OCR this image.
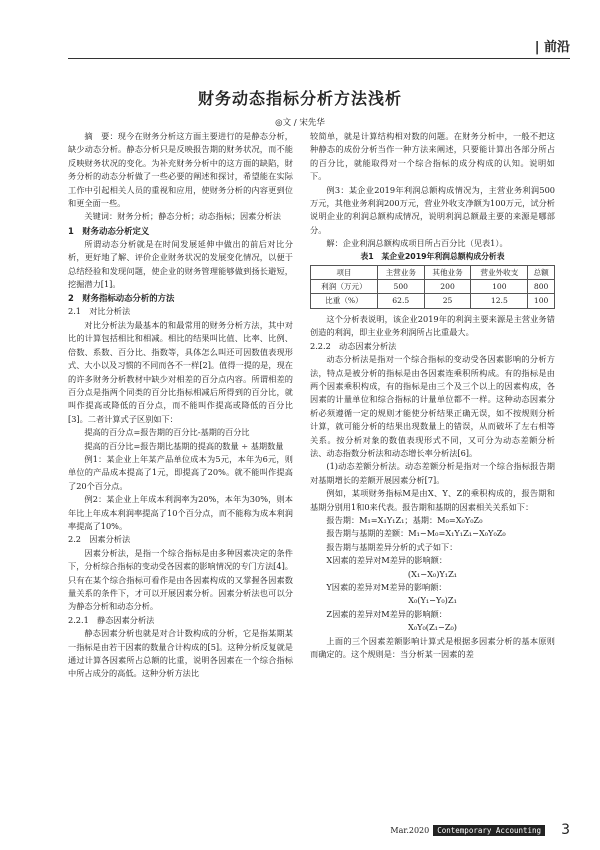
| 前沿
财务动态指标分析方法浅析
◎文 / 宋先华

摘　要：现今在财务分析这方面主要进行的是静态分析，缺少动态分析。静态分析只是反映报告期的财务状况，而不能反映财务状况的变化。为补充财务分析中的这方面的缺陷，財务分析的动态分析做了一些必要的阐述和探讨，希望能在实际工作中引起相关人员的重视和应用，使财务分析的内容更到位和更全面一些。

关键词：财务分析；静态分析；动态指标；因素分析法

1　财务动态分析定义

所谓动态分析就是在时间发展延伸中做出的前后对比分析，更好地了解、评价企业财务状况的发展变化情况，以便于总结经验和发现问题，使企业的财务管理能够做到扬长避短，挖掘潜力[1]。

2　财务指标动态分析的方法
2.1　对比分析法

对比分析法为最基本的和最常用的财务分析方法，其中对比的计算包括相比和相减。相比的结果叫比值、比率、比例、倍数、系数、百分比、指数等，具体怎么叫还可因数值表现形式、大小以及习惯的不同而各不一样[2]。值得一提的是，现在的许多财务分析教材中缺少对相差的百分点内容。所谓相差的百分点是指两个同类的百分比指标相减后所得到的百分比，就叫作提高或降低的百分点，而不能叫作提高或降低的百分比[3]。二者计算式子区别如下：

提高的百分点=报告期的百分比-基期的百分比

提高的百分比=报告期比基期的提高的数量 ÷ 基期数量

例1：某企业上年某产品单位成本为5元，本年为6元，则单位的产品成本提高了1元，即提高了20%。就不能叫作提高了20个百分点。

例2：某企业上年成本利润率为20%，本年为30%，则本年比上年成本利润率提高了10个百分点，而不能称为成本利润率提高了10%。

2.2　因素分析法

因素分析法，是指一个综合指标是由多种因素决定的条件下，分析综合指标的变动受各因素的影响情况的专门方法[4]。只有在某个综合指标可看作是由各因素构成的又掌握各因素数量关系的条件下，才可以开展因素分析。因素分析法也可以分为静态分析和动态分析。

2.2.1　静态因素分析法

静态因素分析也就是对合计数构成的分析，它是指某期某一指标是由若干因素的数量合计构成的[5]。这种分析反复就是通过计算各因素所占总额的比重，说明各因素在一个综合指标中所占成分的高低。这种分析方法比

较简单，就是计算结构相对数的问题。在财务分析中，一般不把这种静态的成份分析当作一种方法来阐述，只要能计算出各部分所占的百分比，就能取得对一个综合指标的成分构成的认知。说明如下。

例3：某企业2019年利润总额构成情况为，主营业务利润500万元，其他业务利润200万元，营业外收支净额为100万元，试分析说明企业的利润总额构成情况，说明利润总额最主要的来源是哪部分。

解：企业利润总额构成项目所占百分比（见表1）。

表1　某企业2019年利润总额构成分析表
项目	主营业务	其他业务	营业外收支	总额
利润（万元）	500	200	100	800
比重（%）	62.5	25	12.5	100

这个分析表说明，该企业2019年的利润主要来源是主营业务错创造的利润，即主业业务利润所占比重最大。

2.2.2　动态因素分析法

动态分析法是指对一个综合指标的变动受各因素影响的分析方法，特点是被分析的指标是由各因素连乘积所构成。有的指标是由两个因素乘积构成，有的指标是由三个及三个以上的因素构成，各因素的计量单位和综合指标的计量单位都不一样。这种动态因素分析必须遵循一定的规则才能使分析结果正确无误，如不按规则分析计算，就可能分析的结果出现数量上的错误，从而破坏了左右相等关系。按分析对象的数值表现形式不同，又可分为动态差额分析法、动态指数分析法和动态增长率分析法[6]。

(1)动态差额分析法。动态差额分析是指对一个综合指标报告期对基期增长的差额开展因素分析[7]。

例如，某项财务指标M是由X、Y、Z的乘积构成的，报告期和基期分别用1和0来代表。报告期和基期的因素相关关系如下：

报告期：M₁=X₁Y₁Z₁；基期：M₀=X₀Y₀Z₀

报告期与基期的差额：M₁−M₀=X₁Y₁Z₁−X₀Y₀Z₀

报告期与基期差异分析的式子如下：

X因素的差异对M差异的影响额：

(X₁−X₀)Y₁Z₁

Y因素的差异对M差异的影响额：

X₀(Y₁−Y₀)Z₁

Z因素的差异对M差异的影响额：

X₀Y₀(Z₁−Z₀)

上面的三个因素差额影响计算式是根据多因素分析的基本原则而确定的。这个规则是：当分析某一因素的差

Mar.2020	Contemporary Accounting 3
